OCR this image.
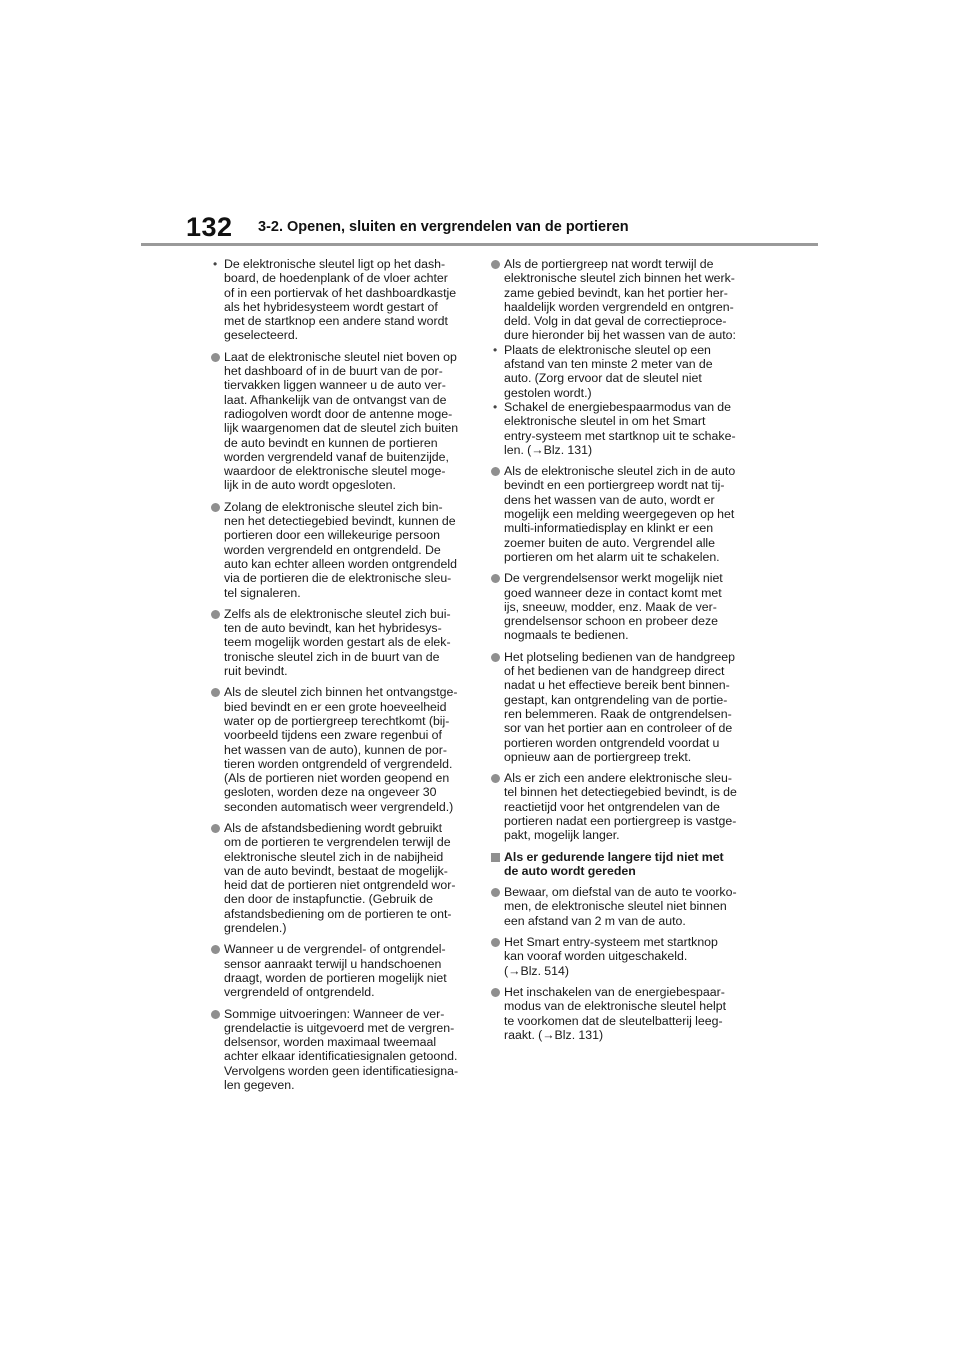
132 3-2. Openen, sluiten en vergrendelen van de portieren
• De elektronische sleutel ligt op het dash-
board, de hoedenplank of de vloer achter
of in een portiervak of het dashboardkastje
als het hybridesysteem wordt gestart of
met de startknop een andere stand wordt
geselecteerd.
Laat de elektronische sleutel niet boven op
het dashboard of in de buurt van de por-
tiervakken liggen wanneer u de auto ver-
laat. Afhankelijk van de ontvangst van de
radiogolven wordt door de antenne moge-
lijk waargenomen dat de sleutel zich buiten
de auto bevindt en kunnen de portieren
worden vergrendeld vanaf de buitenzijde,
waardoor de elektronische sleutel moge-
lijk in de auto wordt opgesloten.
Zolang de elektronische sleutel zich bin-
nen het detectiegebied bevindt, kunnen de
portieren door een willekeurige persoon
worden vergrendeld en ontgrendeld. De
auto kan echter alleen worden ontgrendeld
via de portieren die de elektronische sleu-
tel signaleren.
Zelfs als de elektronische sleutel zich bui-
ten de auto bevindt, kan het hybridesys-
teem mogelijk worden gestart als de elek-
tronische sleutel zich in de buurt van de
ruit bevindt.
Als de sleutel zich binnen het ontvangstge-
bied bevindt en er een grote hoeveelheid
water op de portiergreep terechtkomt (bij-
voorbeeld tijdens een zware regenbui of
het wassen van de auto), kunnen de por-
tieren worden ontgrendeld of vergrendeld.
(Als de portieren niet worden geopend en
gesloten, worden deze na ongeveer 30
seconden automatisch weer vergrendeld.)
Als de afstandsbediening wordt gebruikt
om de portieren te vergrendelen terwijl de
elektronische sleutel zich in de nabijheid
van de auto bevindt, bestaat de mogelijk-
heid dat de portieren niet ontgrendeld wor-
den door de instapfunctie. (Gebruik de
afstandsbediening om de portieren te ont-
grendelen.)
Wanneer u de vergrendel- of ontgrendel-
sensor aanraakt terwijl u handschoenen
draagt, worden de portieren mogelijk niet
vergrendeld of ontgrendeld.
Sommige uitvoeringen: Wanneer de ver-
grendelactie is uitgevoerd met de vergren-
delsensor, worden maximaal tweemaal
achter elkaar identificatiesignalen getoond.
Vervolgens worden geen identificatiesigna-
len gegeven.
Als de portiergreep nat wordt terwijl de
elektronische sleutel zich binnen het werk-
zame gebied bevindt, kan het portier her-
haaldelijk worden vergrendeld en ontgren-
deld. Volg in dat geval de correctieproce-
dure hieronder bij het wassen van de auto:
• Plaats de elektronische sleutel op een
afstand van ten minste 2 meter van de
auto. (Zorg ervoor dat de sleutel niet
gestolen wordt.)
• Schakel de energiebespaarmodus van de
elektronische sleutel in om het Smart
entry-systeem met startknop uit te schake-
len. (→Blz. 131)
Als de elektronische sleutel zich in de auto
bevindt en een portiergreep wordt nat tij-
dens het wassen van de auto, wordt er
mogelijk een melding weergegeven op het
multi-informatiedisplay en klinkt er een
zoemer buiten de auto. Vergrendel alle
portieren om het alarm uit te schakelen.
De vergrendelsensor werkt mogelijk niet
goed wanneer deze in contact komt met
ijs, sneeuw, modder, enz. Maak de ver-
grendelsensor schoon en probeer deze
nogmaals te bedienen.
Het plotseling bedienen van de handgreep
of het bedienen van de handgreep direct
nadat u het effectieve bereik bent binnen-
gestapt, kan ontgrendeling van de portie-
ren belemmeren. Raak de ontgrendelsen-
sor van het portier aan en controleer of de
portieren worden ontgrendeld voordat u
opnieuw aan de portiergreep trekt.
Als er zich een andere elektronische sleu-
tel binnen het detectiegebied bevindt, is de
reactietijd voor het ontgrendelen van de
portieren nadat een portiergreep is vastge-
pakt, mogelijk langer.
Als er gedurende langere tijd niet met
de auto wordt gereden
Bewaar, om diefstal van de auto te voorko-
men, de elektronische sleutel niet binnen
een afstand van 2 m van de auto.
Het Smart entry-systeem met startknop
kan vooraf worden uitgeschakeld.
(→Blz. 514)
Het inschakelen van de energiebespaar-
modus van de elektronische sleutel helpt
te voorkomen dat de sleutelbatterij leeg-
raakt. (→Blz. 131)
